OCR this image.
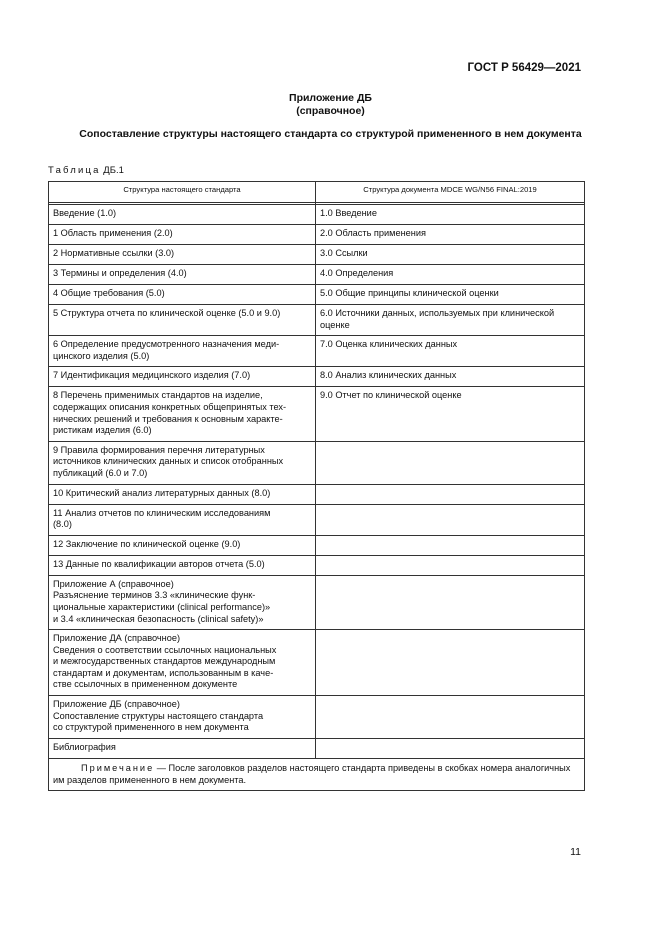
ГОСТ Р 56429—2021
Приложение ДБ
(справочное)
Сопоставление структуры настоящего стандарта со структурой примененного в нем документа
Таблица ДБ.1
Структура настоящего стандарта	Структура документа MDCE WG/N56 FINAL:2019

Введение (1.0)	1.0 Введение

1 Область применения (2.0)	2.0 Область применения

2 Нормативные ссылки (3.0)	3.0 Ссылки

3 Термины и определения (4.0)	4.0 Определения

4 Общие требования (5.0)	5.0 Общие принципы клинической оценки

5 Структура отчета по клинической оценке (5.0 и 9.0)	6.0 Источники данных, используемых при клинической
оценке

6 Определение предусмотренного назначения меди-
цинского изделия (5.0)	7.0 Оценка клинических данных

7 Идентификация медицинского изделия (7.0)	8.0 Анализ клинических данных

8 Перечень применимых стандартов на изделие,
содержащих описания конкретных общепринятых тех-
нических решений и требования к основным характе-
ристикам изделия (6.0)	9.0 Отчет по клинической оценке

9 Правила формирования перечня литературных
источников клинических данных и список отобранных
публикаций (6.0 и 7.0)	

10 Критический анализ литературных данных (8.0)	

11 Анализ отчетов по клиническим исследованиям
(8.0)	

12 Заключение по клинической оценке (9.0)	

13 Данные по квалификации авторов отчета (5.0)	

Приложение А (справочное)
Разъяснение терминов 3.3 «клинические функ-
циональные характеристики (clinical performance)»
и 3.4 «клиническая безопасность (clinical safety)»	

Приложение ДА (справочное)
Сведения о соответствии ссылочных национальных
и межгосударственных стандартов международным
стандартам и документам, использованным в каче-
стве ссылочных в примененном документе	

Приложение ДБ (справочное)
Сопоставление структуры настоящего стандарта
со структурой примененного в нем документа	

Библиография	

Примечание — После заголовков разделов настоящего стандарта приведены в скобках номера аналогичных им разделов примененного в нем документа.	
11
